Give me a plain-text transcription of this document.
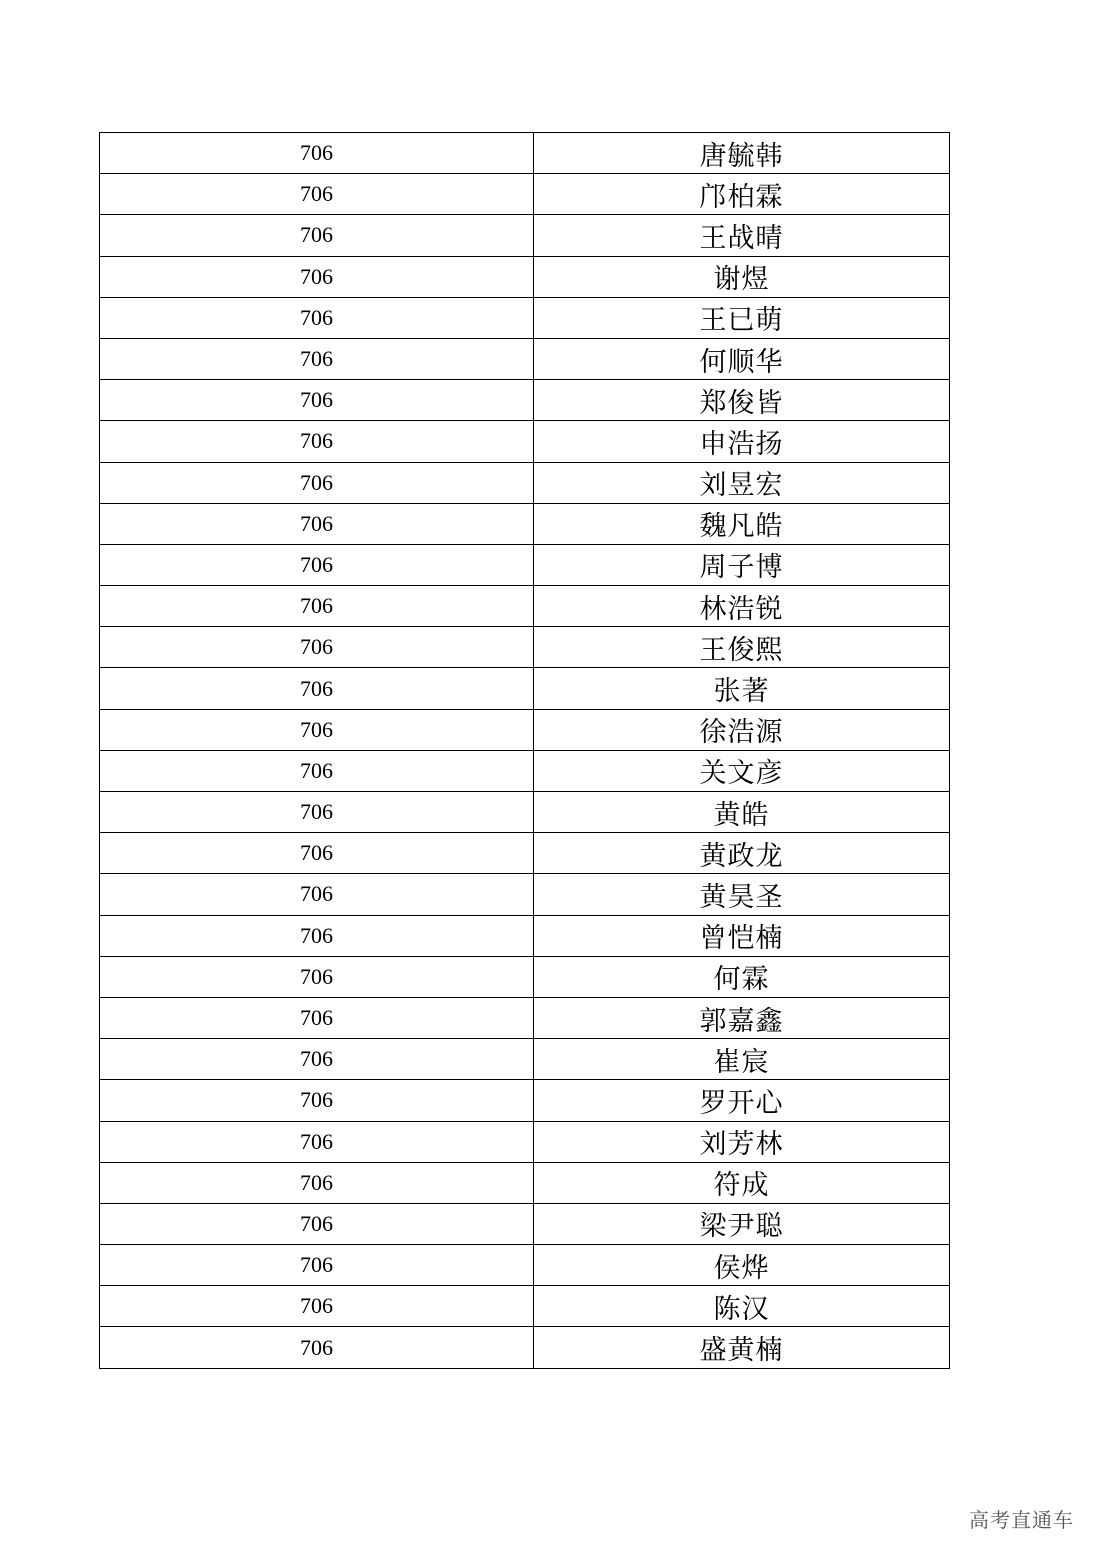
706	唐毓韩
706	邝柏霖
706	王战晴
706	谢煜
706	王已萌
706	何顺华
706	郑俊皆
706	申浩扬
706	刘昱宏
706	魏凡皓
706	周子博
706	林浩锐
706	王俊熙
706	张著
706	徐浩源
706	关文彦
706	黄皓
706	黄政龙
706	黄昊圣
706	曾恺楠
706	何霖
706	郭嘉鑫
706	崔宸
706	罗开心
706	刘芳林
706	符成
706	梁尹聪
706	侯烨
706	陈汉
706	盛黄楠
高考直通车
